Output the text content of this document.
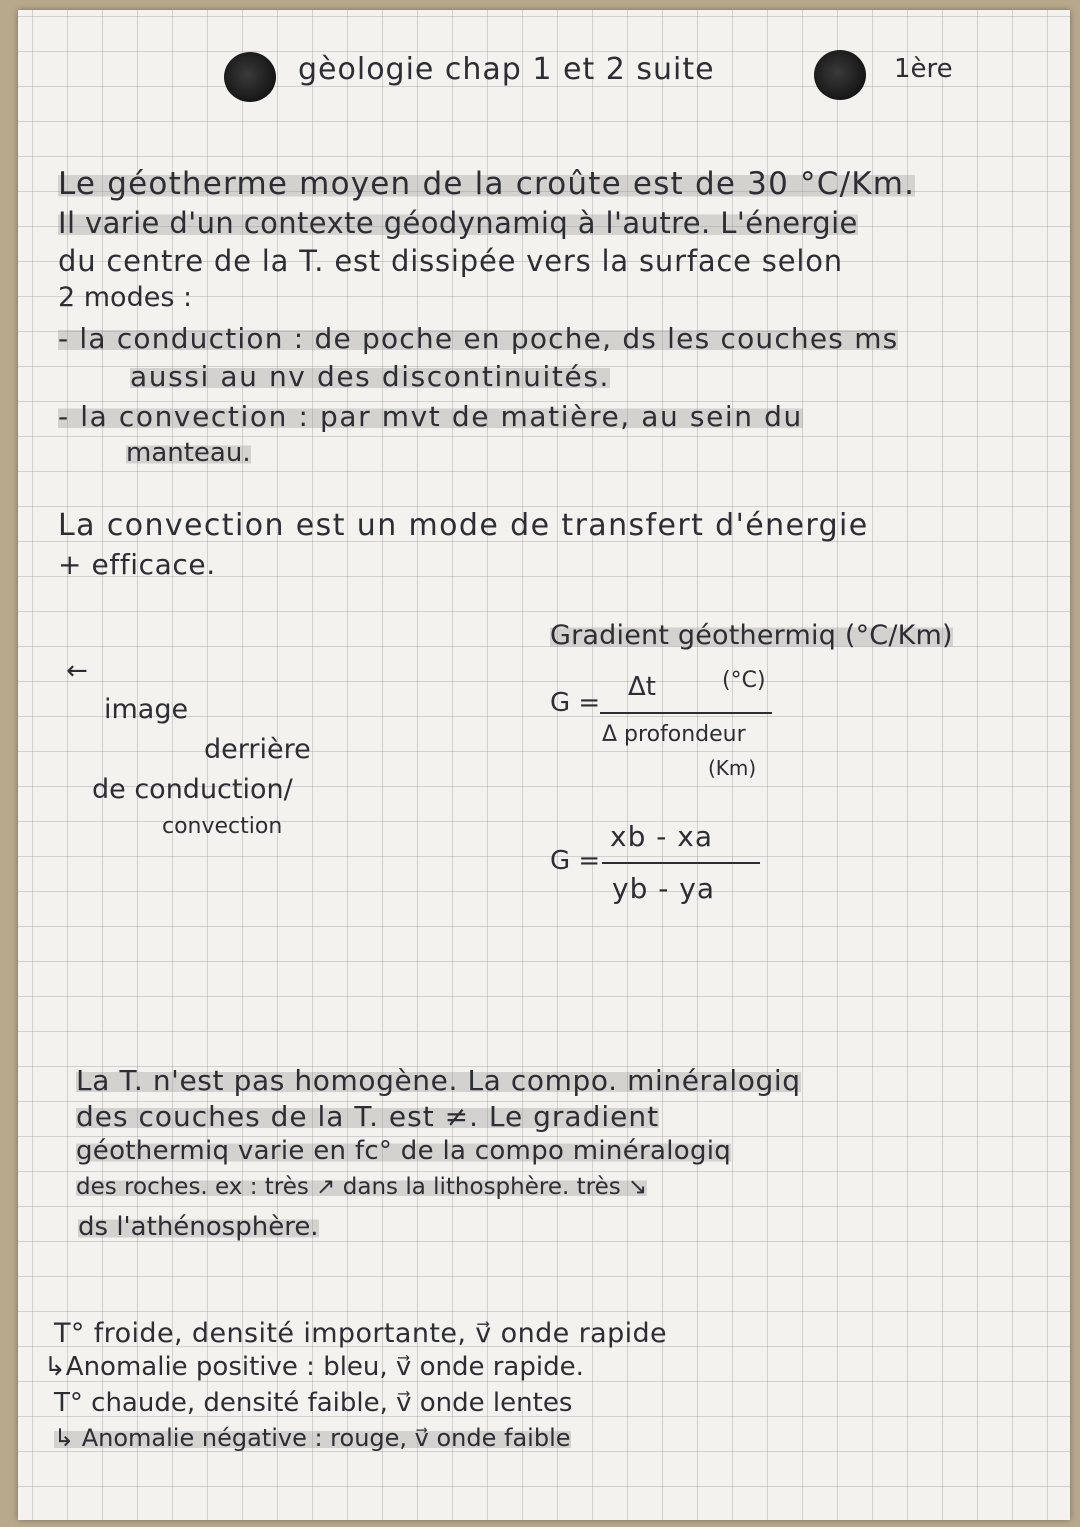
gèologie chap 1 et 2 suite	1ère
Le géotherme moyen de la croûte est de 30 °C/Km.
Il varie d'un contexte géodynamiq à l'autre. L'énergie
du centre de la T. est dissipée vers la surface selon
2 modes :
- la conduction : de poche en poche, ds les couches ms
aussi au nv des discontinuités.
- la convection : par mvt de matière, au sein du
manteau.
La convection est un mode de transfert d'énergie
+ efficace.
←
image
derrière
de conduction/
convection
Gradient géothermiq (°C/Km)
G =
Δt	(°C)
Δ profondeur
(Km)
G =
xb - xa
yb - ya
La T. n'est pas homogène. La compo. minéralogiq
des couches de la T. est ≠. Le gradient
géothermiq varie en fc° de la compo minéralogiq
des roches. ex : très ↗ dans la lithosphère. très ↘
ds l'athénosphère.
T° froide, densité importante, v⃗ onde rapide
↳Anomalie positive : bleu, v⃗ onde rapide.
T° chaude, densité faible, v⃗ onde lentes
↳ Anomalie négative : rouge, v⃗ onde faible
